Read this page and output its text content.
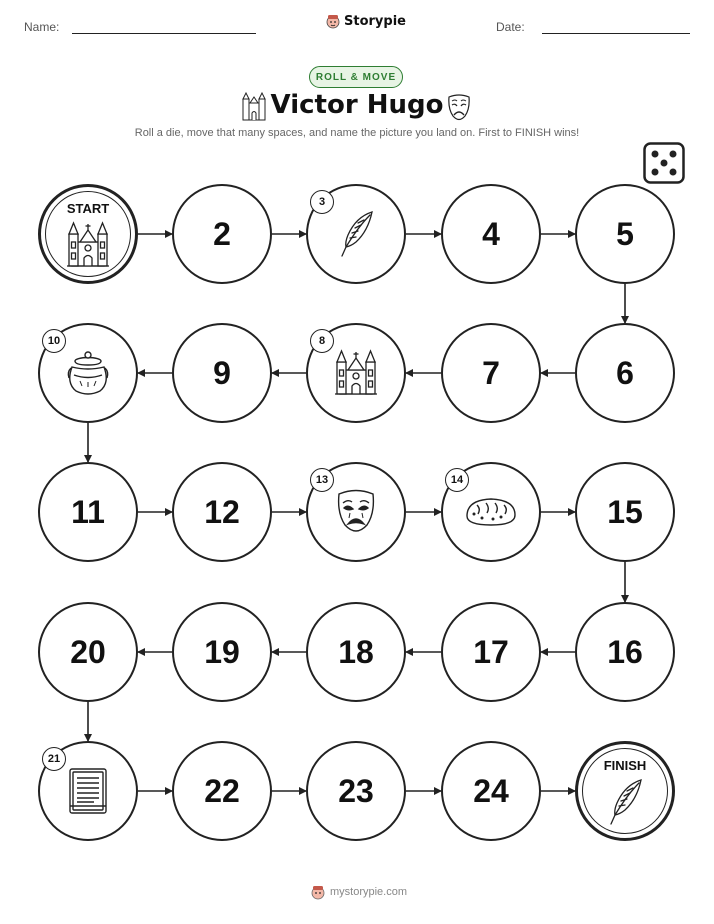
Name:	Storypie	Date:
ROLL & MOVE
Victor Hugo
Roll a die, move that many spaces, and name the picture you land on. First to FINISH wins!
START
2
3
4	5
6
7
8
9
10
11	12
13	14
15
16
17
18
19
20
21
22	23	24
FINISH
mystorypie.com
